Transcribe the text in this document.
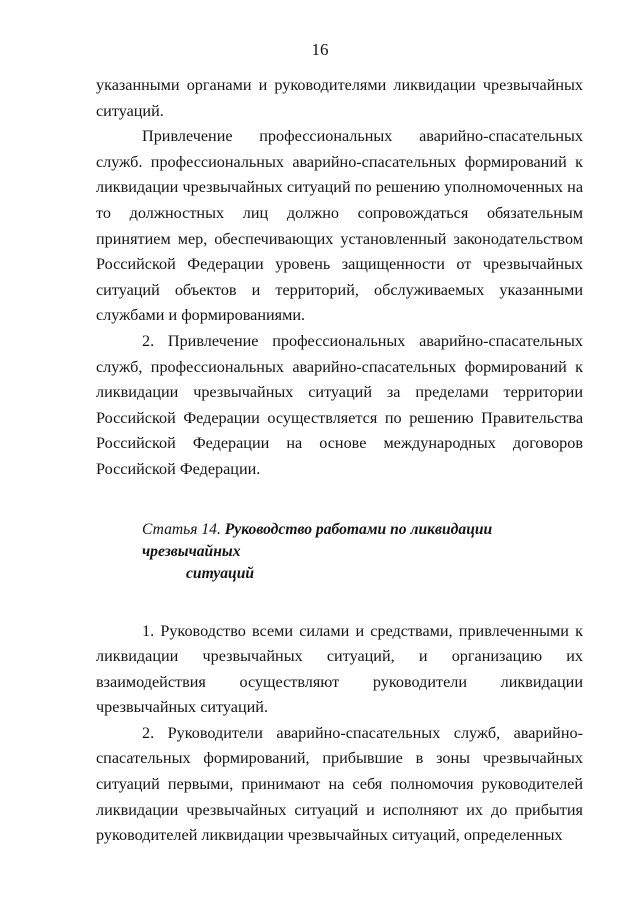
16

указанными органами и руководителями ликвидации чрезвычайных ситуаций.

Привлечение профессиональных аварийно-спасательных служб. профессиональных аварийно-спасательных формирований к ликвидации чрезвычайных ситуаций по решению уполномоченных на то должностных лиц должно сопровождаться обязательным принятием мер, обеспечивающих установленный законодательством Российской Федерации уровень защищенности от чрезвычайных ситуаций объектов и территорий, обслуживаемых указанными службами и формированиями.

2. Привлечение профессиональных аварийно-спасательных служб, профессиональных аварийно-спасательных формирований к ликвидации чрезвычайных ситуаций за пределами территории Российской Федерации осуществляется по решению Правительства Российской Федерации на основе международных договоров Российской Федерации.

Статья 14. Руководство работами по ликвидации чрезвычайных
ситуаций

1. Руководство всеми силами и средствами, привлеченными к ликвидации чрезвычайных ситуаций, и организацию их взаимодействия осуществляют руководители ликвидации чрезвычайных ситуаций.

2. Руководители аварийно-спасательных служб, аварийно-спасательных формирований, прибывшие в зоны чрезвычайных ситуаций первыми, принимают на себя полномочия руководителей ликвидации чрезвычайных ситуаций и исполняют их до прибытия руководителей ликвидации чрезвычайных ситуаций, определенных
